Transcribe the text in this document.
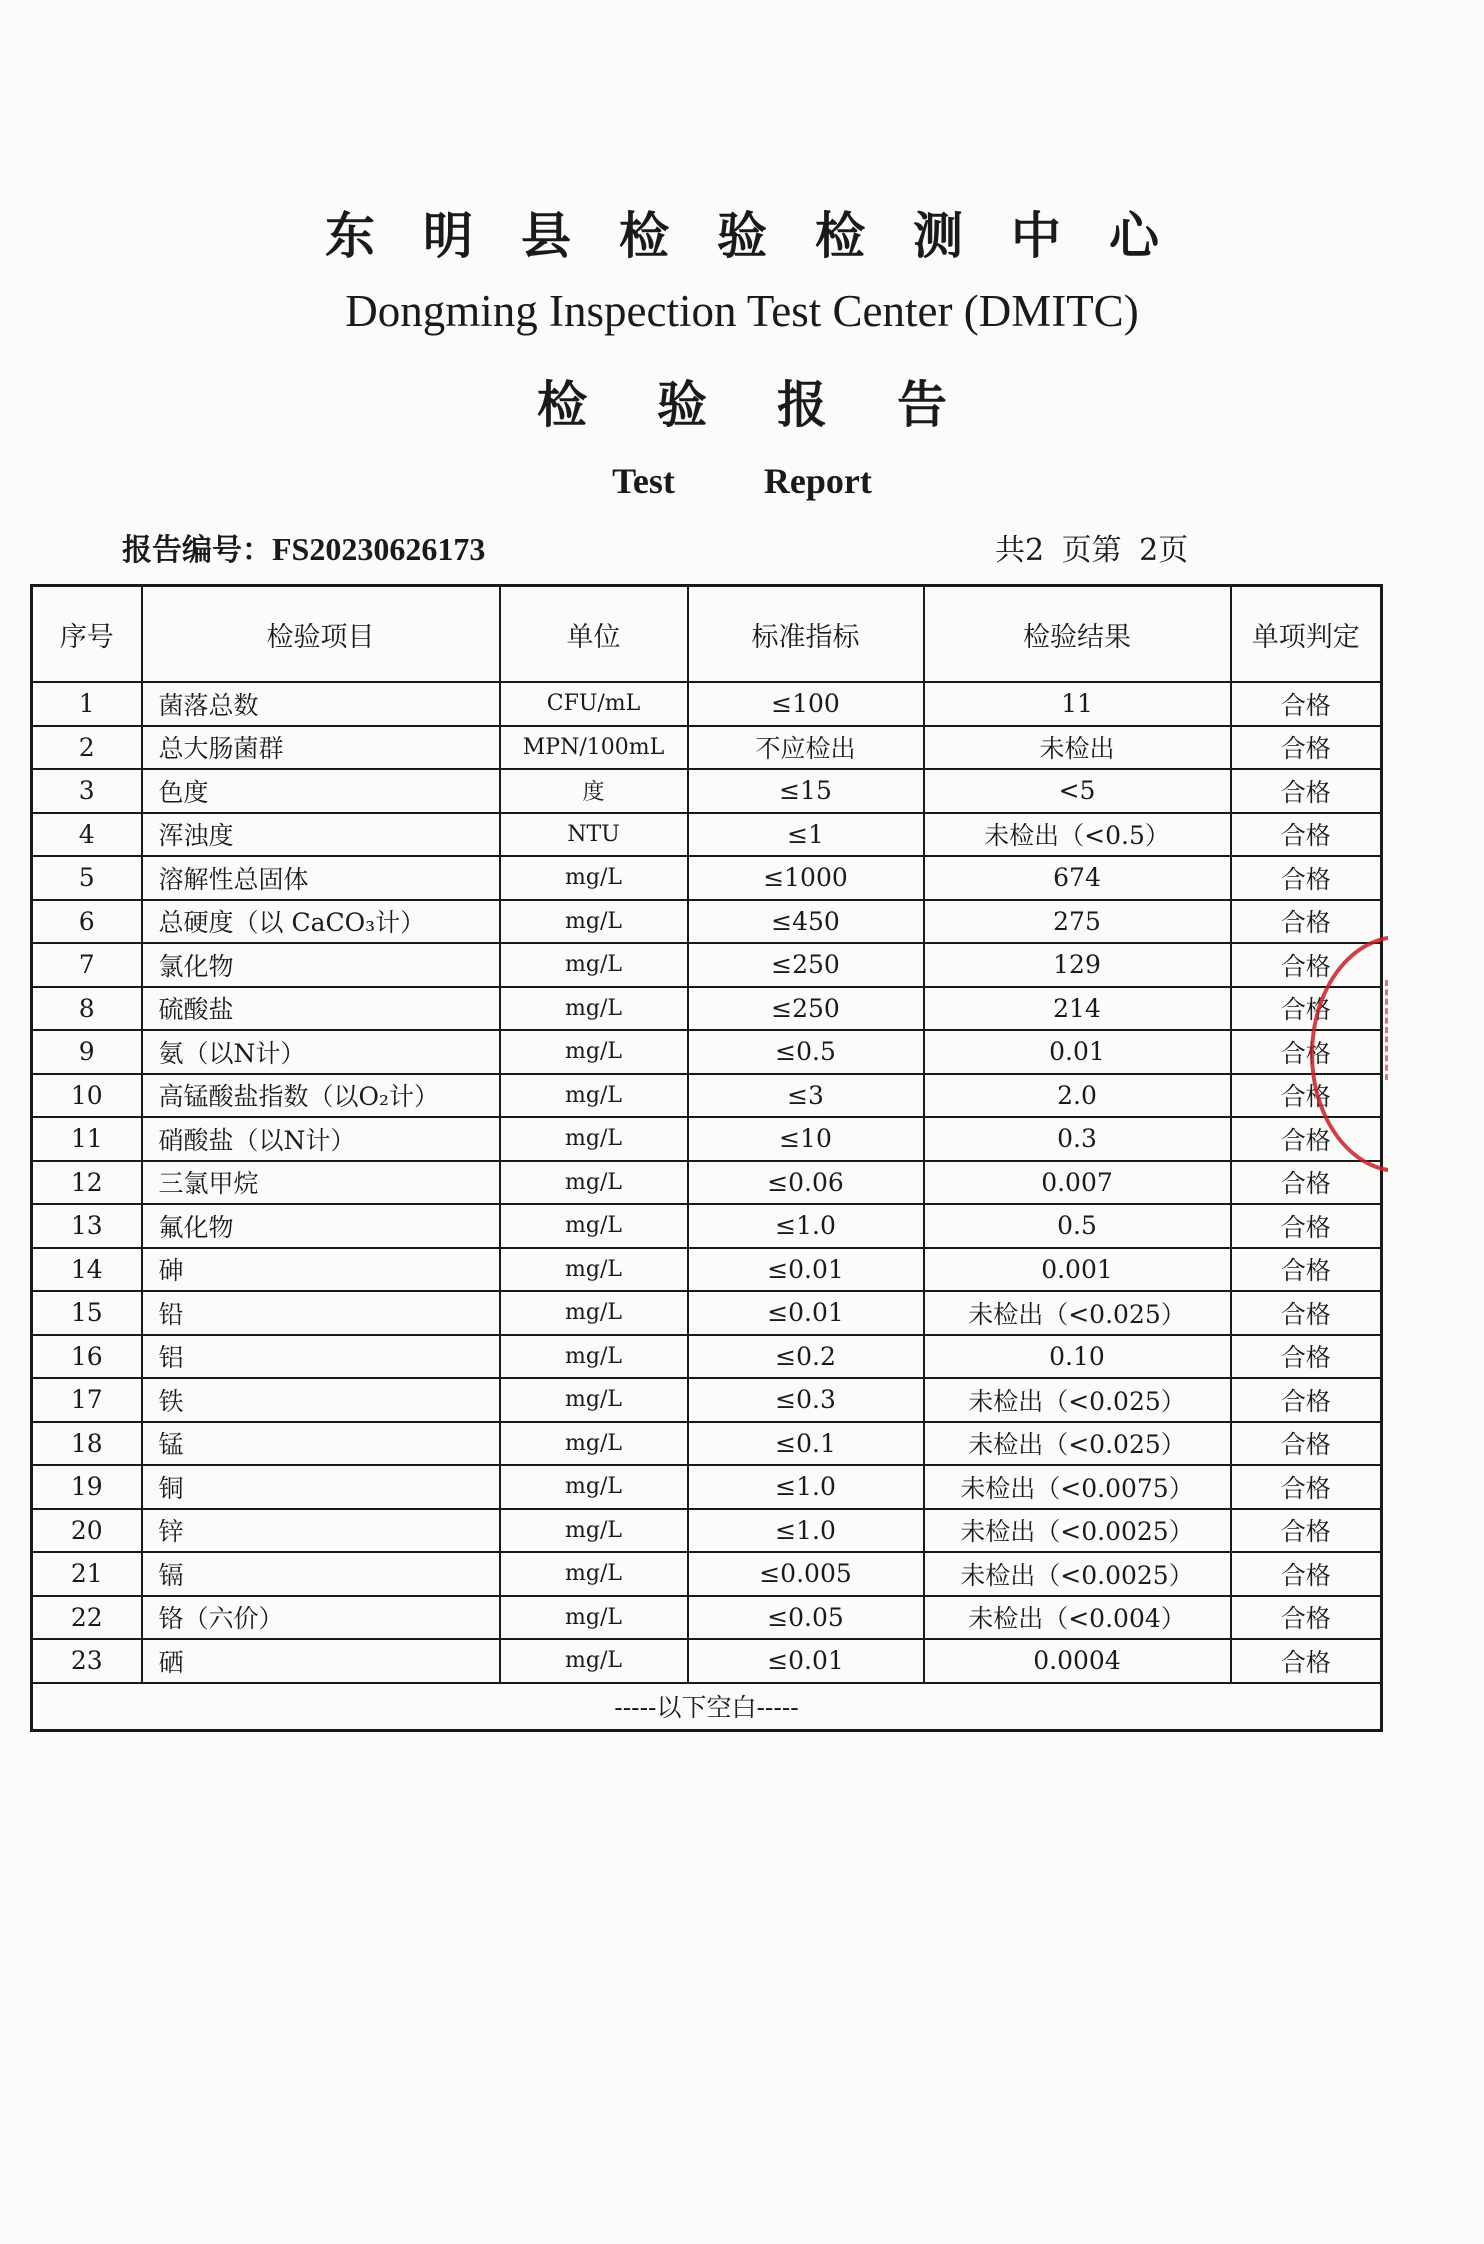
东明县检验检测中心
Dongming Inspection Test Center (DMITC)
检验报告
Test Report
报告编号：FS20230626173	共2 页第 2页
序号	检验项目	单位	标准指标	检验结果	单项判定
1	菌落总数	CFU/mL	≤100	11	合格
2	总大肠菌群	MPN/100mL	不应检出	未检出	合格
3	色度	度	≤15	<5	合格
4	浑浊度	NTU	≤1	未检出（<0.5）	合格
5	溶解性总固体	mg/L	≤1000	674	合格
6	总硬度（以 CaCO₃计）	mg/L	≤450	275	合格
7	氯化物	mg/L	≤250	129	合格
8	硫酸盐	mg/L	≤250	214	合格
9	氨（以N计）	mg/L	≤0.5	0.01	合格
10	高锰酸盐指数（以O₂计）	mg/L	≤3	2.0	合格
11	硝酸盐（以N计）	mg/L	≤10	0.3	合格
12	三氯甲烷	mg/L	≤0.06	0.007	合格
13	氟化物	mg/L	≤1.0	0.5	合格
14	砷	mg/L	≤0.01	0.001	合格
15	铅	mg/L	≤0.01	未检出（<0.025）	合格
16	铝	mg/L	≤0.2	0.10	合格
17	铁	mg/L	≤0.3	未检出（<0.025）	合格
18	锰	mg/L	≤0.1	未检出（<0.025）	合格
19	铜	mg/L	≤1.0	未检出（<0.0075）	合格
20	锌	mg/L	≤1.0	未检出（<0.0025）	合格
21	镉	mg/L	≤0.005	未检出（<0.0025）	合格
22	铬（六价）	mg/L	≤0.05	未检出（<0.004）	合格
23	硒	mg/L	≤0.01	0.0004	合格
-----以下空白-----					
